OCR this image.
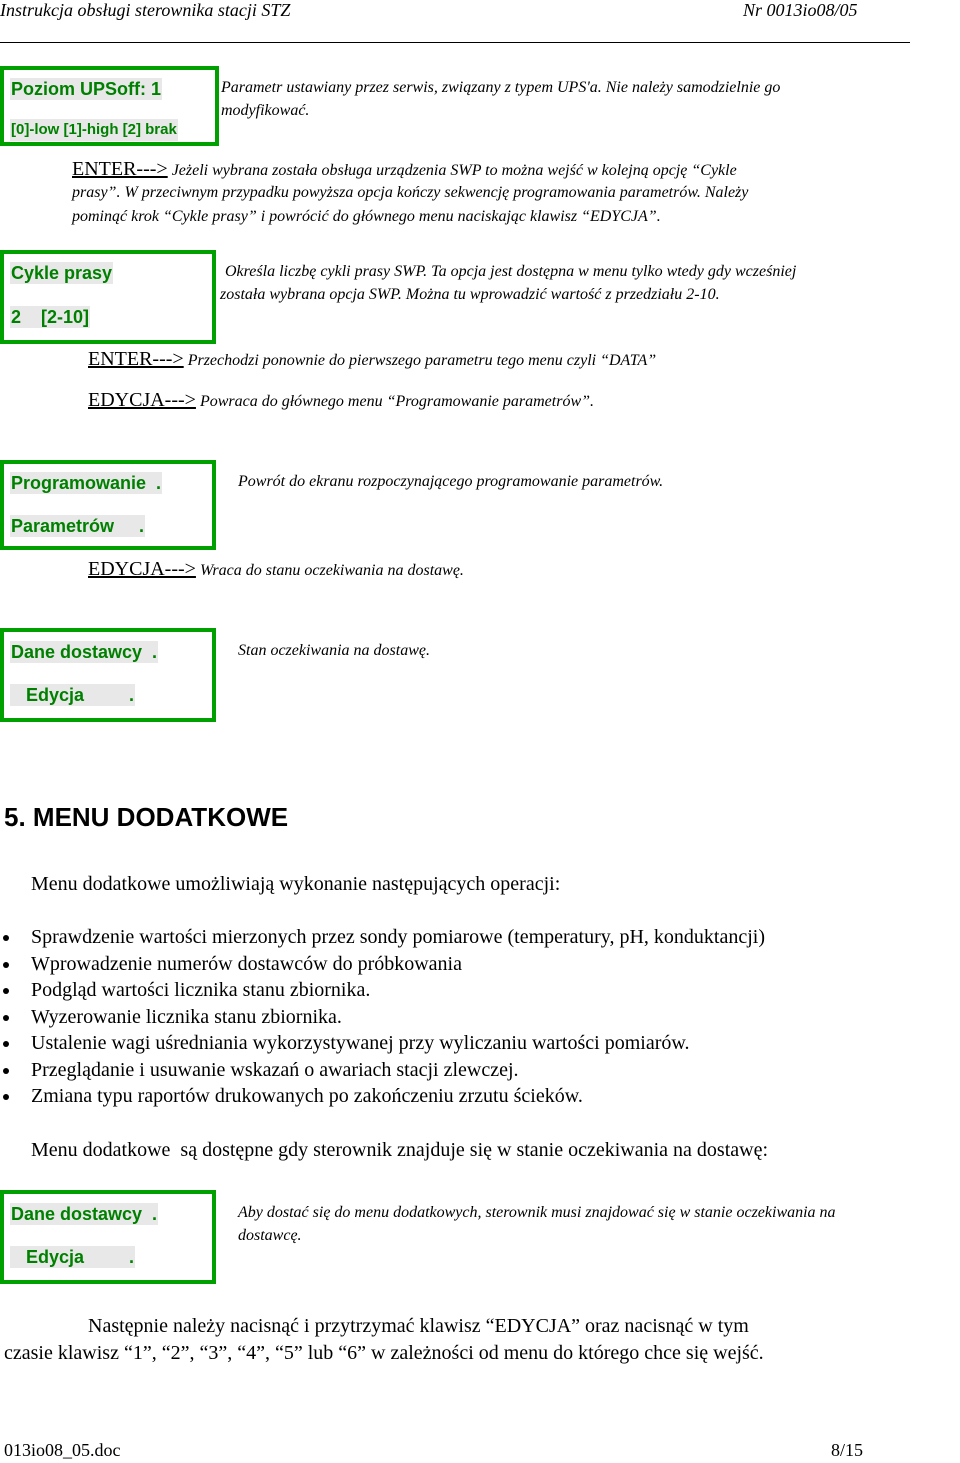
Instrukcja obsługi sterownika stacji STZ	Nr 0013io08/05
Poziom UPSoff: 1
[0]-low [1]-high [2] brak
Parametr ustawiany przez serwis, związany z typem UPS'a. Nie należy samodzielnie go
modyfikować.
ENTER---> Jeżeli wybrana została obsługa urządzenia SWP to można wejść w kolejną opcję “Cykle
prasy”. W przeciwnym przypadku powyższa opcja kończy sekwencję programowania parametrów. Należy
pominąć krok “Cykle prasy” i powrócić do głównego menu naciskając klawisz “EDYCJA”.
Cykle prasy
2    [2-10]
Określa liczbę cykli prasy SWP. Ta opcja jest dostępna w menu tylko wtedy gdy wcześniej
została wybrana opcja SWP. Można tu wprowadzić wartość z przedziału 2-10.
ENTER---> Przechodzi ponownie do pierwszego parametru tego menu czyli “DATA”
EDYCJA---> Powraca do głównego menu “Programowanie parametrów”.
Programowanie  .
Parametrów     .
Powrót do ekranu rozpoczynającego programowanie parametrów.
EDYCJA---> Wraca do stanu oczekiwania na dostawę.
Dane dostawcy  .
Edycja         .
Stan oczekiwania na dostawę.
5. MENU DODATKOWE
Menu dodatkowe umożliwiają wykonanie następujących operacji:
Sprawdzenie wartości mierzonych przez sondy pomiarowe (temperatury, pH, konduktancji)
Wprowadzenie numerów dostawców do próbkowania
Podgląd wartości licznika stanu zbiornika.
Wyzerowanie licznika stanu zbiornika.
Ustalenie wagi uśredniania wykorzystywanej przy wyliczaniu wartości pomiarów.
Przeglądanie i usuwanie wskazań o awariach stacji zlewczej.
Zmiana typu raportów drukowanych po zakończeniu zrzutu ścieków.
Menu dodatkowe  są dostępne gdy sterownik znajduje się w stanie oczekiwania na dostawę:
Dane dostawcy  .
Edycja         .
Aby dostać się do menu dodatkowych, sterownik musi znajdować się w stanie oczekiwania na
dostawcę.
Następnie należy nacisnąć i przytrzymać klawisz “EDYCJA” oraz nacisnąć w tym
czasie klawisz “1”, “2”, “3”, “4”, “5” lub “6” w zależności od menu do którego chce się wejść.
013io08_05.doc	8/15
